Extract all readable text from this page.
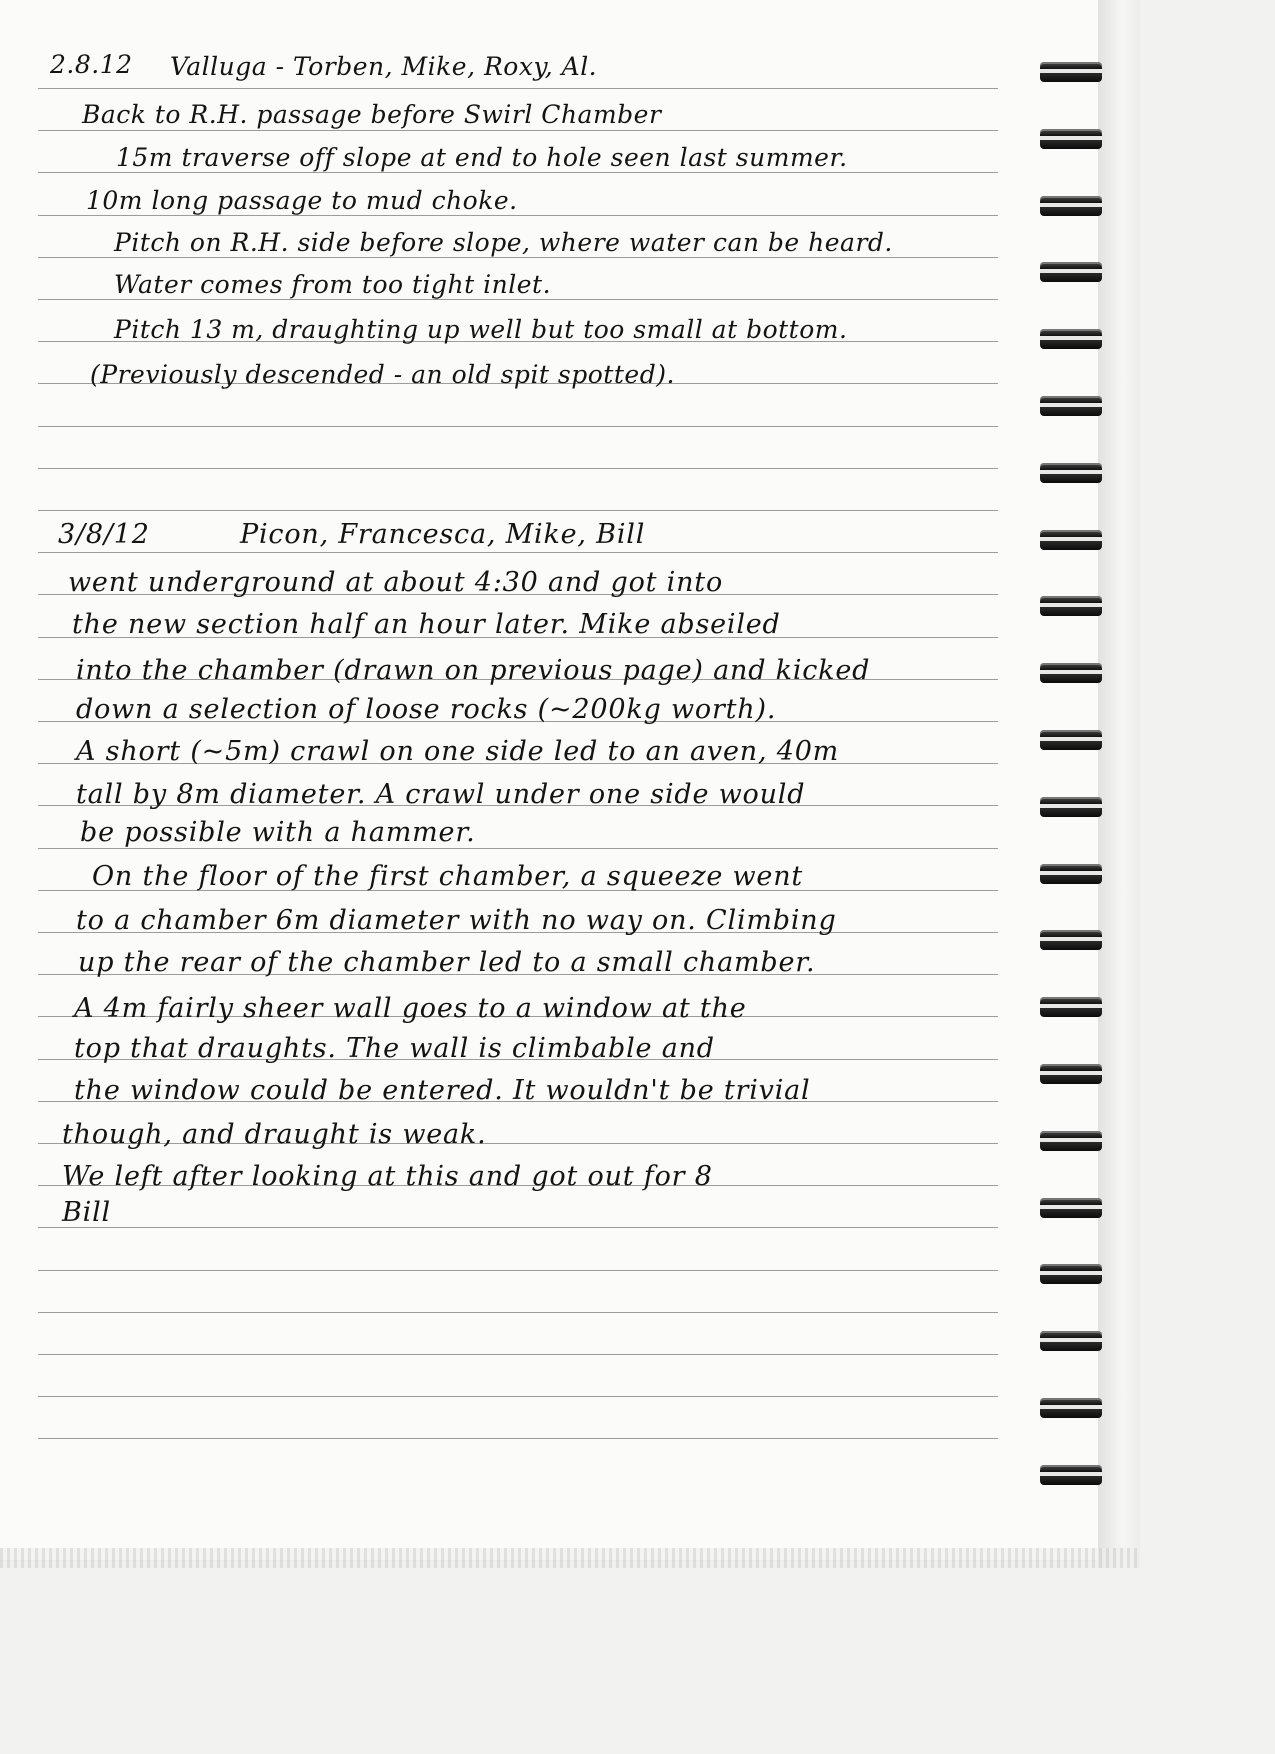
2.8.12 Valluga - Torben, Mike, Roxy, Al.
Back to R.H. passage before Swirl Chamber
15m traverse off slope at end to hole seen last summer.
10m long passage to mud choke.
Pitch on R.H. side before slope, where water can be heard.
Water comes from too tight inlet.
Pitch 13 m, draughting up well but too small at bottom.
(Previously descended - an old spit spotted).
3/8/12	Picon, Francesca, Mike, Bill
went underground at about 4:30 and got into
the new section half an hour later. Mike abseiled
into the chamber (drawn on previous page) and kicked
down a selection of loose rocks (~200kg worth).
A short (~5m) crawl on one side led to an aven, 40m
tall by 8m diameter. A crawl under one side would
be possible with a hammer.
On the floor of the first chamber, a squeeze went
to a chamber 6m diameter with no way on. Climbing
up the rear of the chamber led to a small chamber.
A 4m fairly sheer wall goes to a window at the
top that draughts. The wall is climbable and
the window could be entered. It wouldn't be trivial
though, and draught is weak.
We left after looking at this and got out for 8
Bill
